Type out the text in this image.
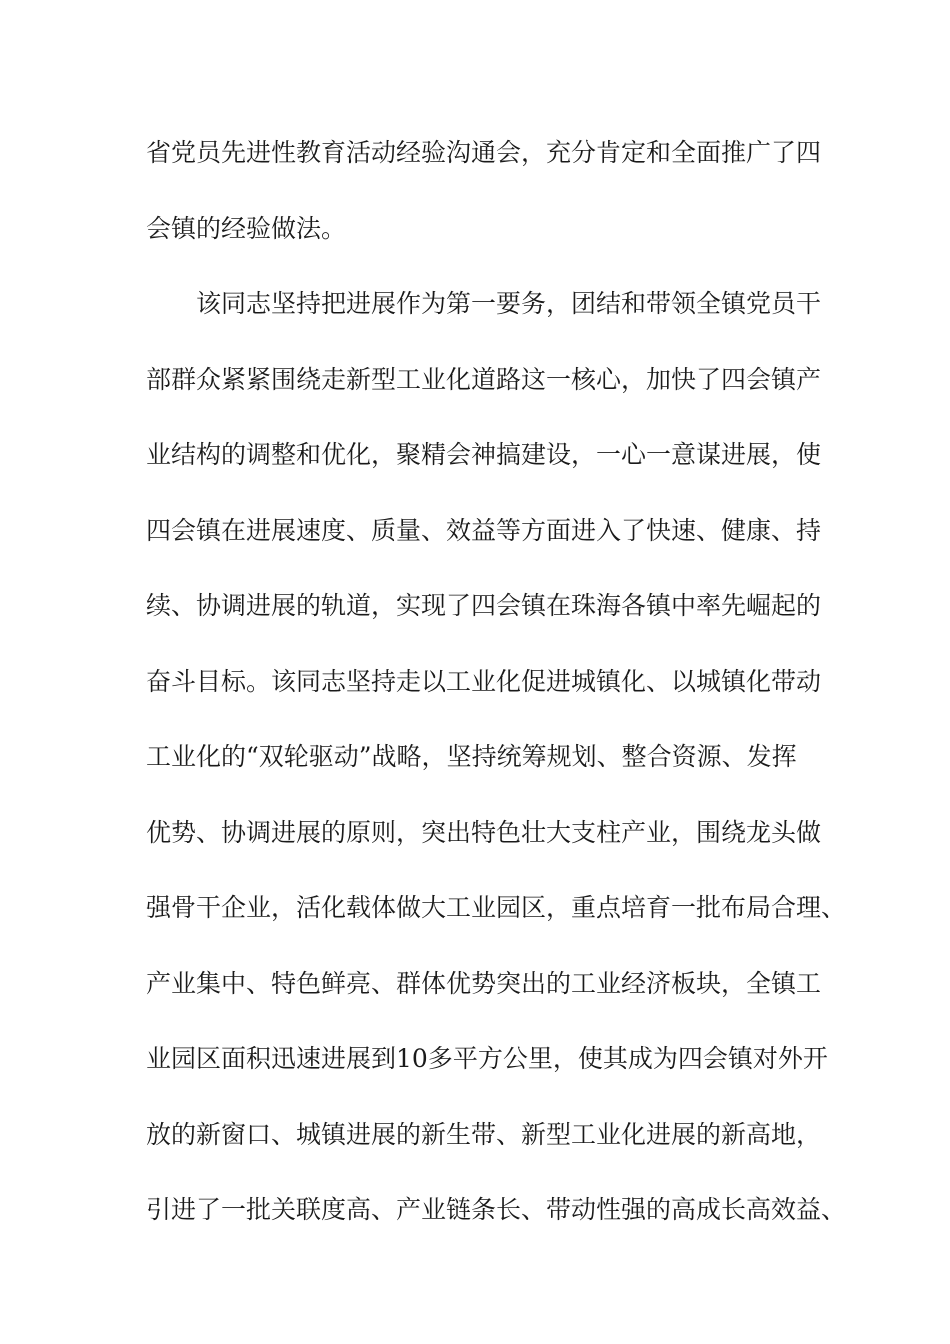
省党员先进性教育活动经验沟通会，充分肯定和全面推广了四
会镇的经验做法。
该同志坚持把进展作为第一要务，团结和带领全镇党员干
部群众紧紧围绕走新型工业化道路这一核心，加快了四会镇产
业结构的调整和优化，聚精会神搞建设，一心一意谋进展，使
四会镇在进展速度、质量、效益等方面进入了快速、健康、持
续、协调进展的轨道，实现了四会镇在珠海各镇中率先崛起的
奋斗目标。该同志坚持走以工业化促进城镇化、以城镇化带动
工业化的“双轮驱动”战略，坚持统筹规划、整合资源、发挥
优势、协调进展的原则，突出特色壮大支柱产业，围绕龙头做
强骨干企业，活化载体做大工业园区，重点培育一批布局合理、
产业集中、特色鲜亮、群体优势突出的工业经济板块，全镇工
业园区面积迅速进展到10多平方公里，使其成为四会镇对外开
放的新窗口、城镇进展的新生带、新型工业化进展的新高地，
引进了一批关联度高、产业链条长、带动性强的高成长高效益、
